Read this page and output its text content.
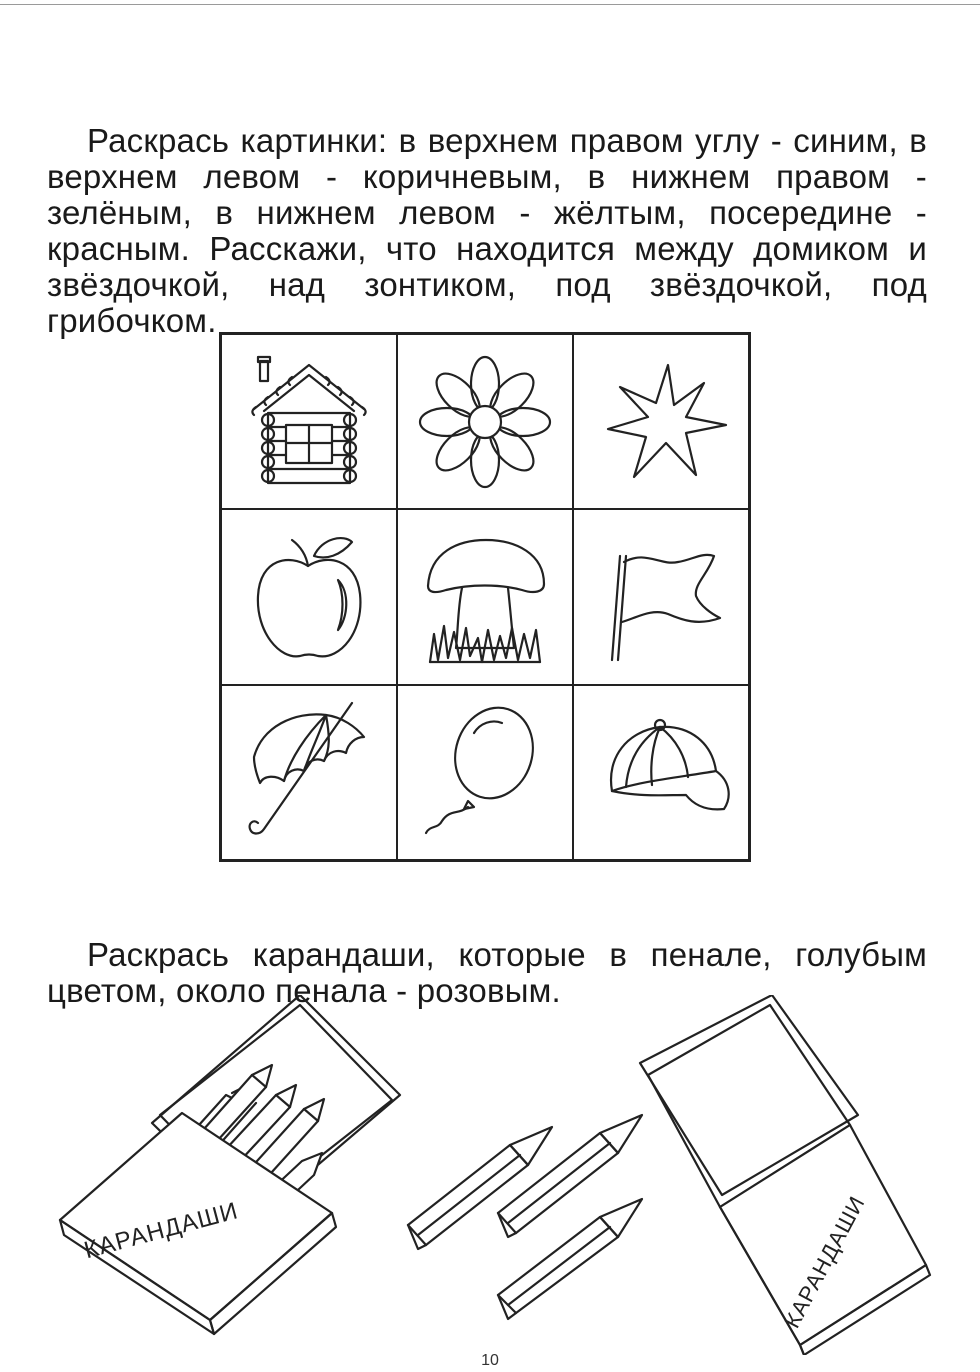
Раскрась картинки: в верхнем правом углу - синим, в верхнем левом - коричневым, в нижнем правом - зелёным, в нижнем левом - жёлтым, посередине - красным. Расскажи, что находится между домиком и звёздочкой, над зонтиком, под звёздочкой, под грибочком.

Раскрась карандаши, которые в пенале, голубым цветом, около пенала - розовым.

КАРАНДАШИ	КАРАНДАШИ
10
